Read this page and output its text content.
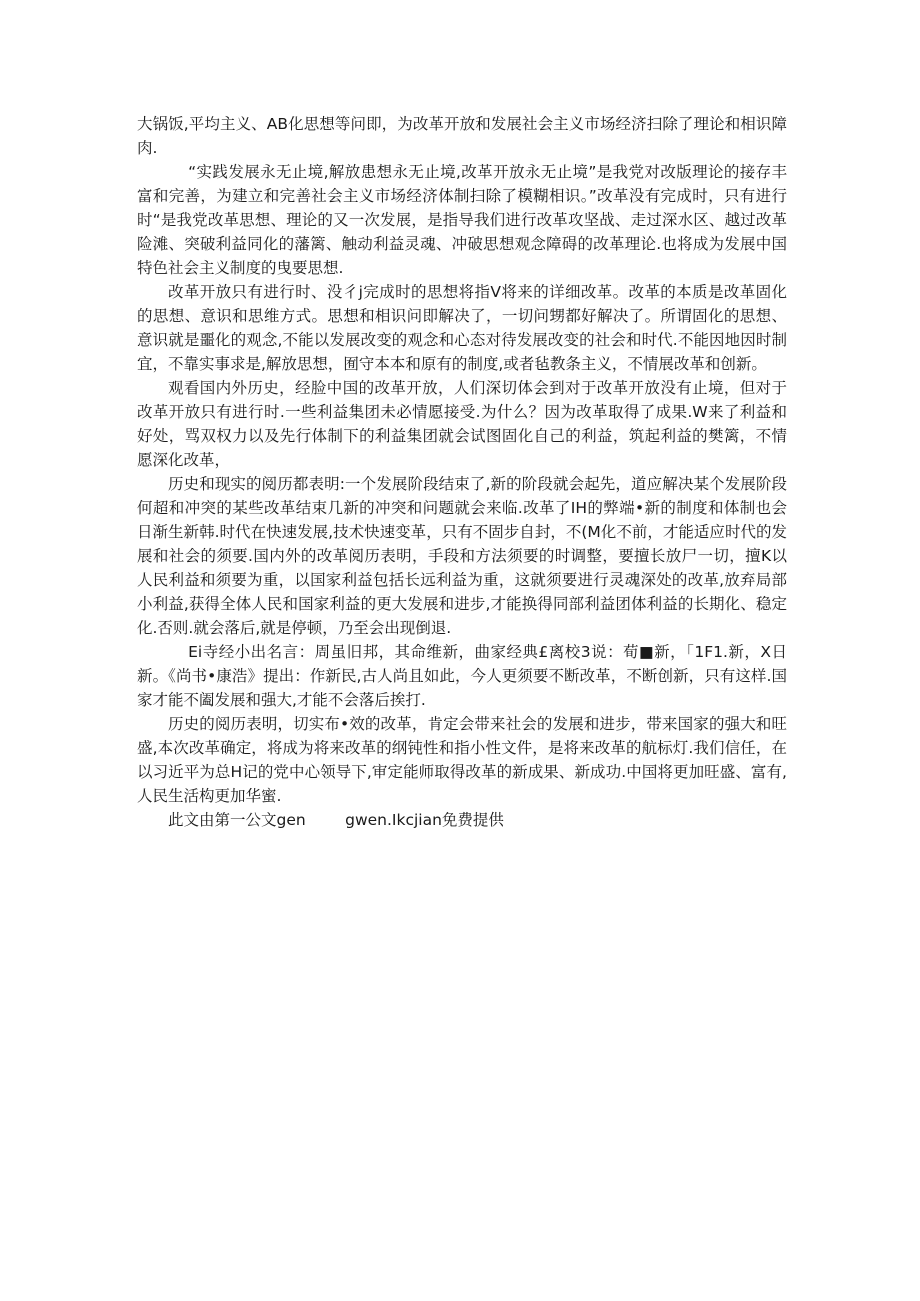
大锅饭,平均主义、AB化思想等问即，为改革开放和发展社会主义市场经济扫除了理论和相识障肉.

“实践发展永无止境,解放患想永无止境,改革开放永无止境”是我党对改版理论的接存丰富和完善，为建立和完善社会主义市场经济体制扫除了模糊相识。”改革没有完成时，只有进行时“是我党改革思想、理论的又一次发展，是指导我们进行改革攻坚战、走过深水区、越过改革险滩、突破利益同化的藩篱、触动利益灵魂、冲破思想观念障碍的改革理论.也将成为发展中国特色社会主义制度的曳要思想.

改革开放只有进行时、没彳j完成时的思想将指V将来的详细改革。改革的本质是改革固化的思想、意识和思维方式。思想和相识问即解决了，一切问甥都好解决了。所谓固化的思想、意识就是噩化的观念,不能以发展改变的观念和心态对待发展改变的社会和时代.不能因地因时制宜，不靠实事求是,解放思想，囿守本本和原有的制度,或者毡教条主义，不情展改革和创新。

观看国内外历史，经脸中国的改革开放，人们深切体会到对于改革开放没有止境，但对于改革开放只有进行时.一些利益集团未必情愿接受.为什么？因为改革取得了成果.W来了利益和好处，骂双权力以及先行体制下的利益集团就会试图固化自己的利益，筑起利益的樊篱，不情愿深化改革，

历史和现实的阅历都表明:一个发展阶段结束了,新的阶段就会起先，道应解决某个发展阶段何超和冲突的某些改革结束几新的冲突和问题就会来临.改革了IH的弊端•新的制度和体制也会日渐生新韩.时代在快速发展,技术快速变革，只有不固步自封，不(M化不前，才能适应时代的发展和社会的须要.国内外的改革阅历表明，手段和方法须要的时调整，要擅长放尸一切，擅K以人民利益和须要为重，以国家利益包括长远利益为重，这就须要进行灵魂深处的改革,放弃局部小利益,获得全体人民和国家利益的更大发展和进步,才能换得同部利益团体利益的长期化、稳定化.否则.就会落后,就是停顿，乃至会出现倒退.

Ei寺经小出名言：周虽旧邦，其命维新，曲家经典£离校3说：荀■新，「1F1.新，X日新。《尚书•康浩》提出：作新民,古人尚且如此，今人更须要不断改革，不断创新，只有这样.国家才能不阖发展和强大,才能不会落后挨打.

历史的阅历表明，切实布•效的改革，肯定会带来社会的发展和进步，带来国家的强大和旺盛,本次改革确定，将成为将来改革的纲钝性和指小性文件，是将来改革的航标灯.我们信任，在以习近平为总H记的党中心领导下,审定能师取得改革的新成果、新成功.中国将更加旺盛、富有,人民生活构更加华蜜.

此文由第一公文gen        gwen.Ikcjian免费提供
